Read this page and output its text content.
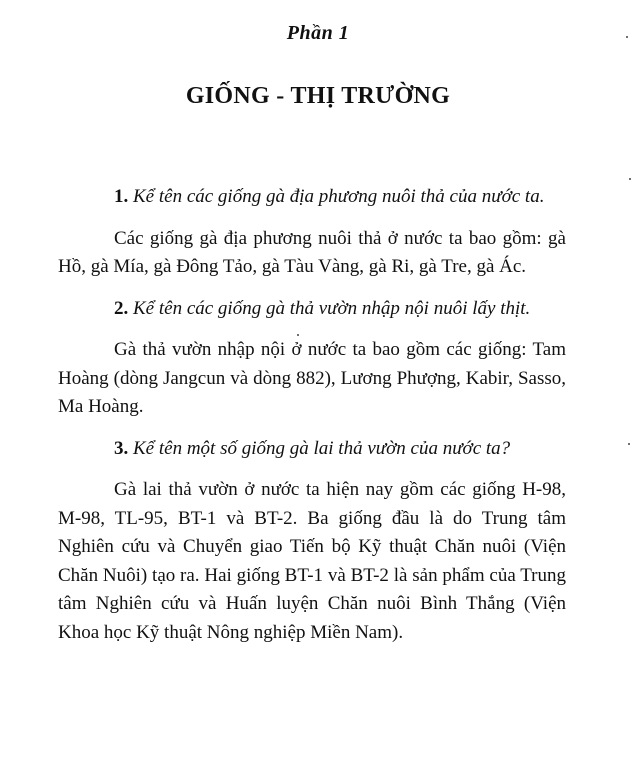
Phần 1
GIỐNG - THỊ TRƯỜNG

1. Kể tên các giống gà địa phương nuôi thả của nước ta.

Các giống gà địa phương nuôi thả ở nước ta bao gồm: gà Hồ, gà Mía, gà Đông Tảo, gà Tàu Vàng, gà Ri, gà Tre, gà Ác.

2. Kể tên các giống gà thả vườn nhập nội nuôi lấy thịt.

Gà thả vườn nhập nội ở nước ta bao gồm các giống: Tam Hoàng (dòng Jangcun và dòng 882), Lương Phượng, Kabir, Sasso, Ma Hoàng.

3. Kể tên một số giống gà lai thả vườn của nước ta?

Gà lai thả vườn ở nước ta hiện nay gồm các giống H-98, M-98, TL-95, BT-1 và BT-2. Ba giống đầu là do Trung tâm Nghiên cứu và Chuyển giao Tiến bộ Kỹ thuật Chăn nuôi (Viện Chăn Nuôi) tạo ra. Hai giống BT-1 và BT-2 là sản phẩm của Trung tâm Nghiên cứu và Huấn luyện Chăn nuôi Bình Thắng (Viện Khoa học Kỹ thuật Nông nghiệp Miền Nam).
